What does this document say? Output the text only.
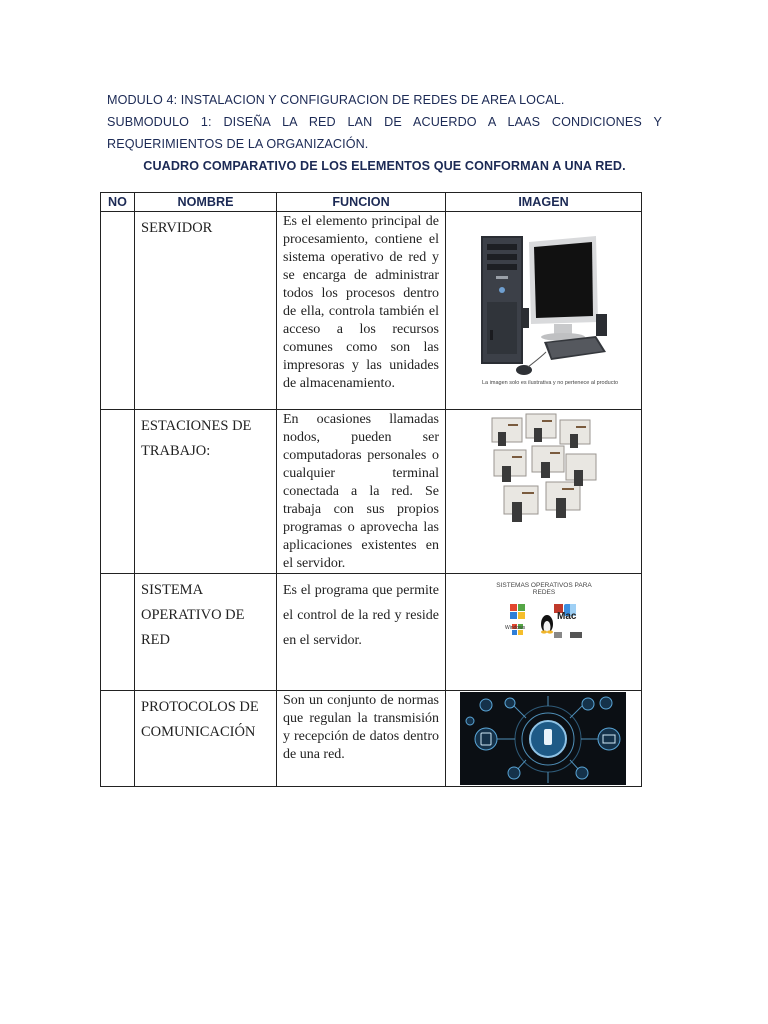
MODULO 4: INSTALACION Y CONFIGURACION DE REDES DE AREA LOCAL.
SUBMODULO 1: DISEÑA LA RED LAN DE ACUERDO A LAAS CONDICIONES Y
REQUERIMIENTOS DE LA ORGANIZACIÓN.
CUADRO COMPARATIVO DE LOS ELEMENTOS QUE CONFORMAN A UNA RED.
NO	NOMBRE	FUNCION	IMAGEN

	SERVIDOR	Es el elemento principal de procesamiento, contiene el sistema operativo de red y se encarga de administrar todos los procesos dentro de ella, controla también el acceso a los recursos comunes como son las impresoras y las unidades de almacenamiento.	La imagen solo es ilustrativa y no pertenece al producto

	ESTACIONES DE TRABAJO:	En ocasiones llamadas nodos, pueden ser computadoras personales o cualquier terminal conectada a la red. Se trabaja con sus propios programas o aprovecha las aplicaciones existentes en el servidor.

	SISTEMA OPERATIVO DE RED	Es el programa que permite el control de la red y reside en el servidor.	SISTEMAS OPERATIVOS PARA
REDES
Mac
Windows

	PROTOCOLOS DE COMUNICACIÓN	Son un conjunto de normas que regulan la transmisión y recepción de datos dentro de una red.
